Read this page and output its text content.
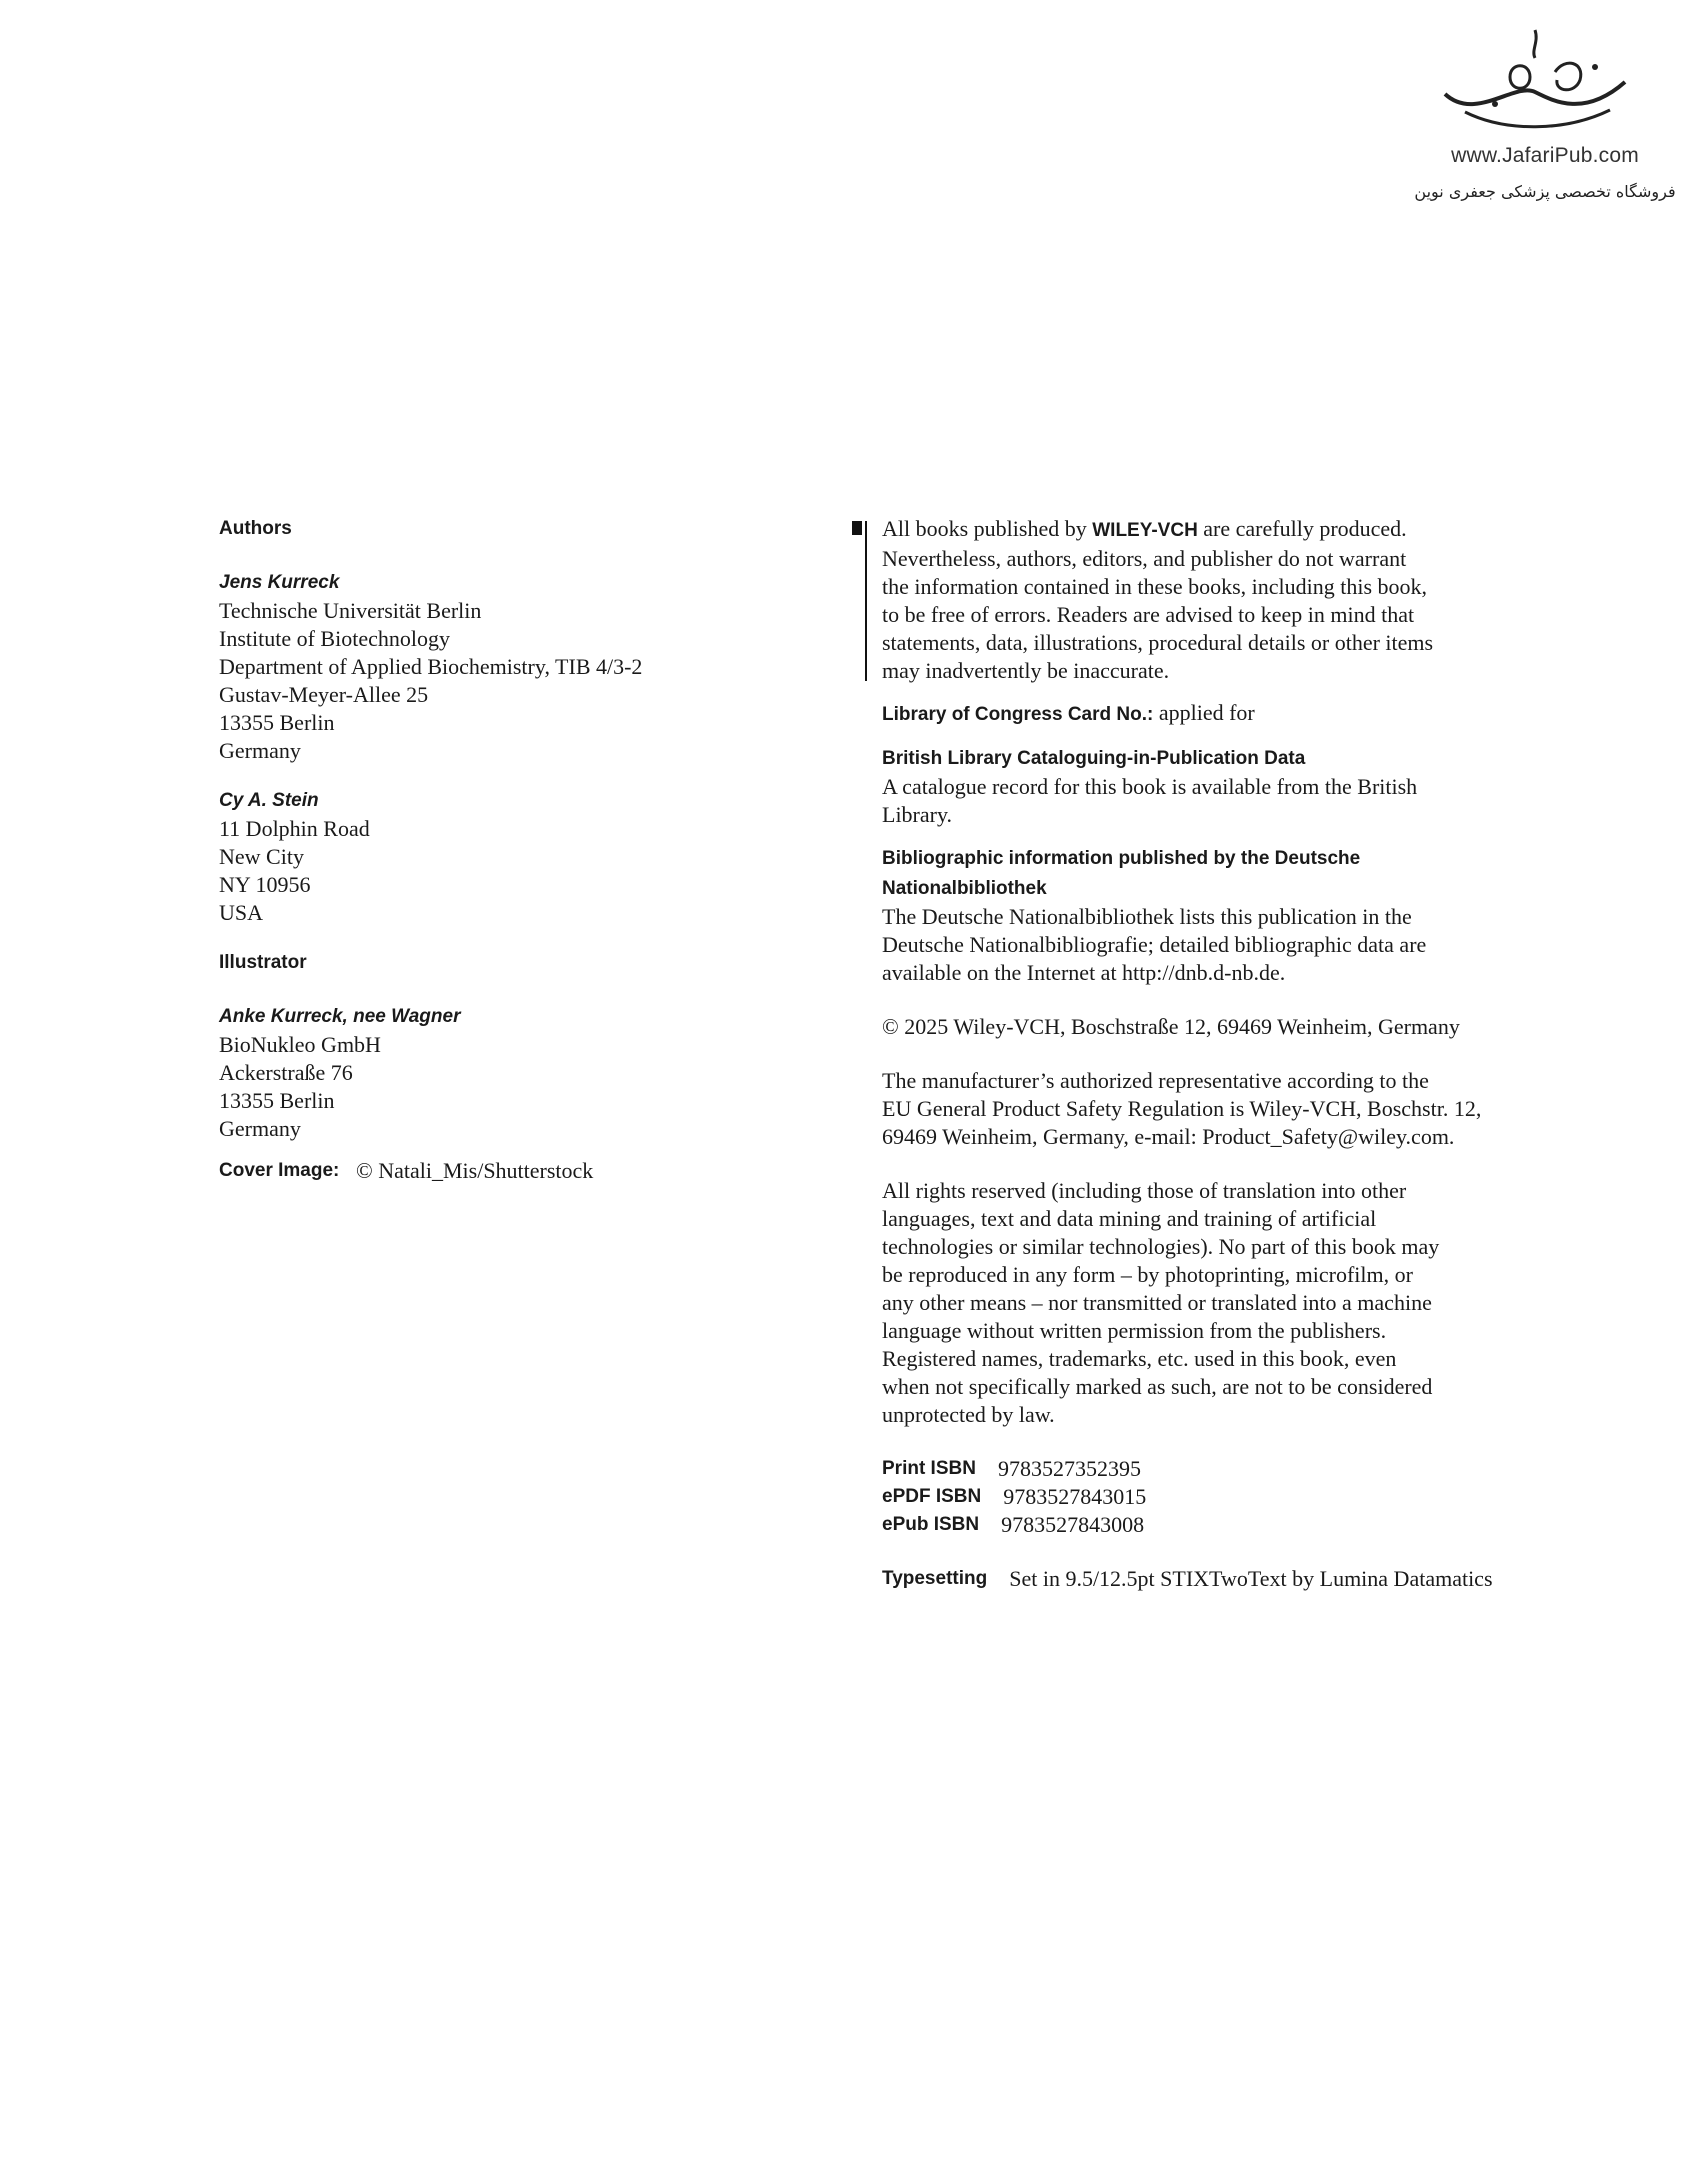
www.JafariPub.com
فروشگاه تخصصی پزشکی جعفری نوین
Authors
Jens Kurreck
Technische Universität Berlin
Institute of Biotechnology
Department of Applied Biochemistry, TIB 4/3-2
Gustav-Meyer-Allee 25
13355 Berlin
Germany
Cy A. Stein
11 Dolphin Road
New City
NY 10956
USA
Illustrator
Anke Kurreck, nee Wagner
BioNukleo GmbH
Ackerstraße 76
13355 Berlin
Germany
Cover Image: © Natali_Mis/Shutterstock

All books published by WILEY-VCH are carefully produced.
Nevertheless, authors, editors, and publisher do not warrant
the information contained in these books, including this book,
to be free of errors. Readers are advised to keep in mind that
statements, data, illustrations, procedural details or other items
may inadvertently be inaccurate.

Library of Congress Card No.: applied for

British Library Cataloguing-in-Publication Data
A catalogue record for this book is available from the British
Library.

Bibliographic information published by the Deutsche
Nationalbibliothek
The Deutsche Nationalbibliothek lists this publication in the
Deutsche Nationalbibliografie; detailed bibliographic data are
available on the Internet at http://dnb.d-nb.de.

© 2025 Wiley-VCH, Boschstraße 12, 69469 Weinheim, Germany

The manufacturer’s authorized representative according to the
EU General Product Safety Regulation is Wiley-VCH, Boschstr. 12,
69469 Weinheim, Germany, e-mail: Product_Safety@wiley.com.

All rights reserved (including those of translation into other
languages, text and data mining and training of artificial
technologies or similar technologies). No part of this book may
be reproduced in any form – by photoprinting, microfilm, or
any other means – nor transmitted or translated into a machine
language without written permission from the publishers.
Registered names, trademarks, etc. used in this book, even
when not specifically marked as such, are not to be considered
unprotected by law.

Print ISBN 9783527352395
ePDF ISBN 9783527843015
ePub ISBN 9783527843008
Typesetting Set in 9.5/12.5pt STIXTwoText by Lumina Datamatics
